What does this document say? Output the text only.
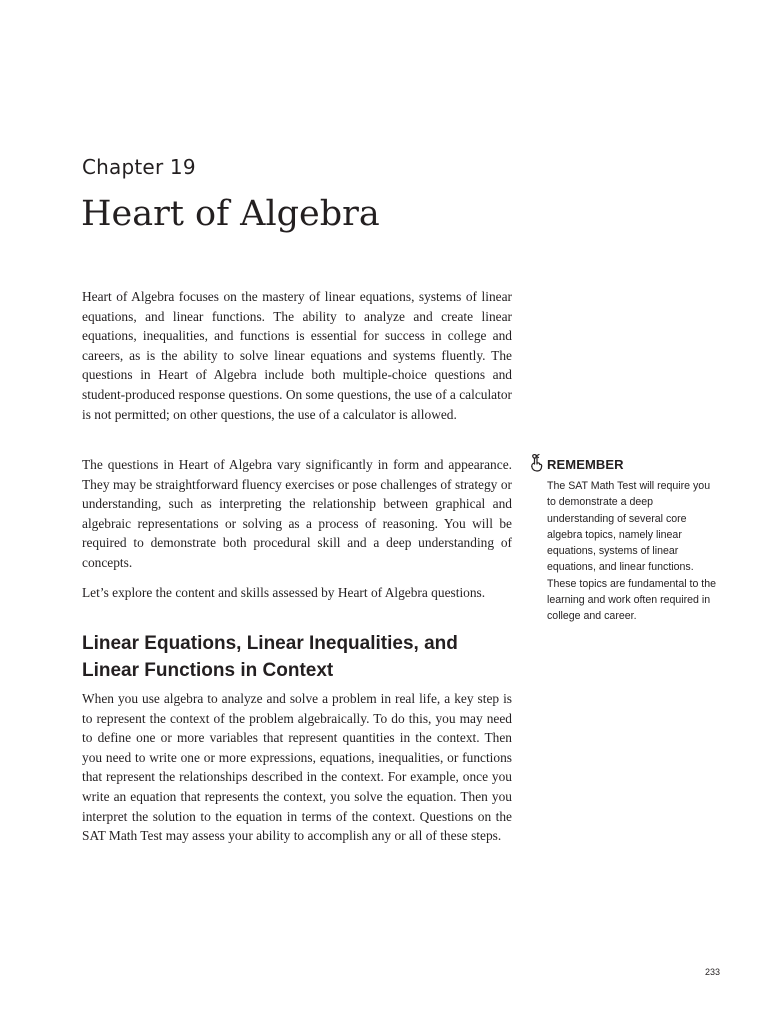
Chapter 19
Heart of Algebra

Heart of Algebra focuses on the mastery of linear equations, systems of linear equations, and linear functions. The ability to analyze and create linear equations, inequalities, and functions is essential for success in college and careers, as is the ability to solve linear equations and systems fluently. The questions in Heart of Algebra include both multiple-choice questions and student-produced response questions. On some questions, the use of a calculator is not permitted; on other questions, the use of a calculator is allowed.

The questions in Heart of Algebra vary significantly in form and appearance. They may be straightforward fluency exercises or pose challenges of strategy or understanding, such as interpreting the relationship between graphical and algebraic representations or solving as a process of reasoning. You will be required to demonstrate both procedural skill and a deep understanding of concepts.

Let’s explore the content and skills assessed by Heart of Algebra questions.

Linear Equations, Linear Inequalities, and Linear Functions in Context

When you use algebra to analyze and solve a problem in real life, a key step is to represent the context of the problem algebraically. To do this, you may need to define one or more variables that represent quantities in the context. Then you need to write one or more expressions, equations, inequalities, or functions that represent the relationships described in the context. For example, once you write an equation that represents the context, you solve the equation. Then you interpret the solution to the equation in terms of the context. Questions on the SAT Math Test may assess your ability to accomplish any or all of these steps.

REMEMBER

The SAT Math Test will require you to demonstrate a deep understanding of several core algebra topics, namely linear equations, systems of linear equations, and linear functions. These topics are fundamental to the learning and work often required in college and career.

233
